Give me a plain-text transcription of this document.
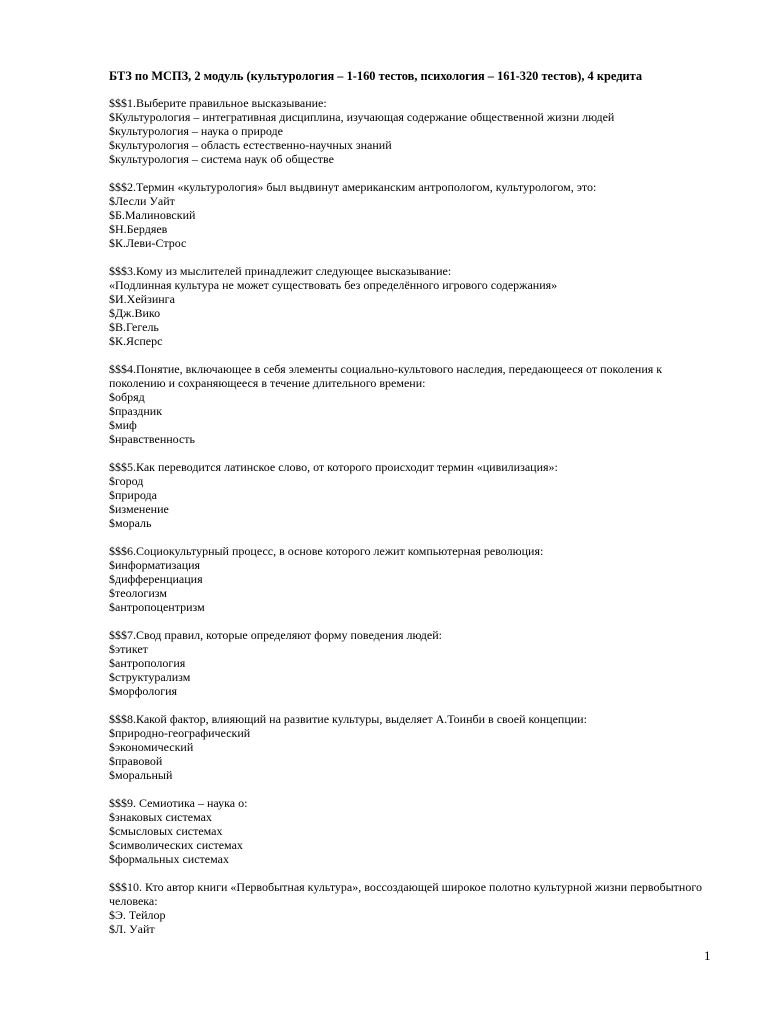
БТЗ по МСПЗ, 2 модуль (культурология – 1-160 тестов, психология – 161-320 тестов), 4 кредита
$$$1.Выберите правильное высказывание:
$Культурология – интегративная дисциплина, изучающая содержание общественной жизни людей
$культурология – наука о природе
$культурология – область естественно-научных знаний
$культурология – система наук об обществе
$$$2.Термин «культурология» был выдвинут американским антропологом, культурологом, это:
$Лесли Уайт
$Б.Малиновский
$Н.Бердяев
$К.Леви-Строс
$$$3.Кому из мыслителей принадлежит следующее высказывание:
«Подлинная культура не может существовать без определённого игрового содержания»
$И.Хейзинга
$Дж.Вико
$В.Гегель
$К.Ясперс
$$$4.Понятие, включающее в себя элементы социально-культового наследия, передающееся от поколения к поколению и сохраняющееся в течение длительного времени:
$обряд
$праздник
$миф
$нравственность
$$$5.Как переводится латинское слово, от которого происходит термин «цивилизация»:
$город
$природа
$изменение
$мораль
$$$6.Социокультурный процесс, в основе которого лежит компьютерная революция:
$информатизация
$дифференциация
$теологизм
$антропоцентризм
$$$7.Свод правил, которые определяют форму поведения людей:
$этикет
$антропология
$структурализм
$морфология
$$$8.Какой фактор, влияющий на развитие культуры, выделяет А.Тоинби в своей концепции:
$природно-географический
$экономический
$правовой
$моральный
$$$9. Семиотика – наука о:
$знаковых системах
$смысловых системах
$символических системах
$формальных системах
$$$10. Кто автор книги «Первобытная культура», воссоздающей широкое полотно культурной жизни первобытного человека:
$Э. Тейлор
$Л. Уайт
1
